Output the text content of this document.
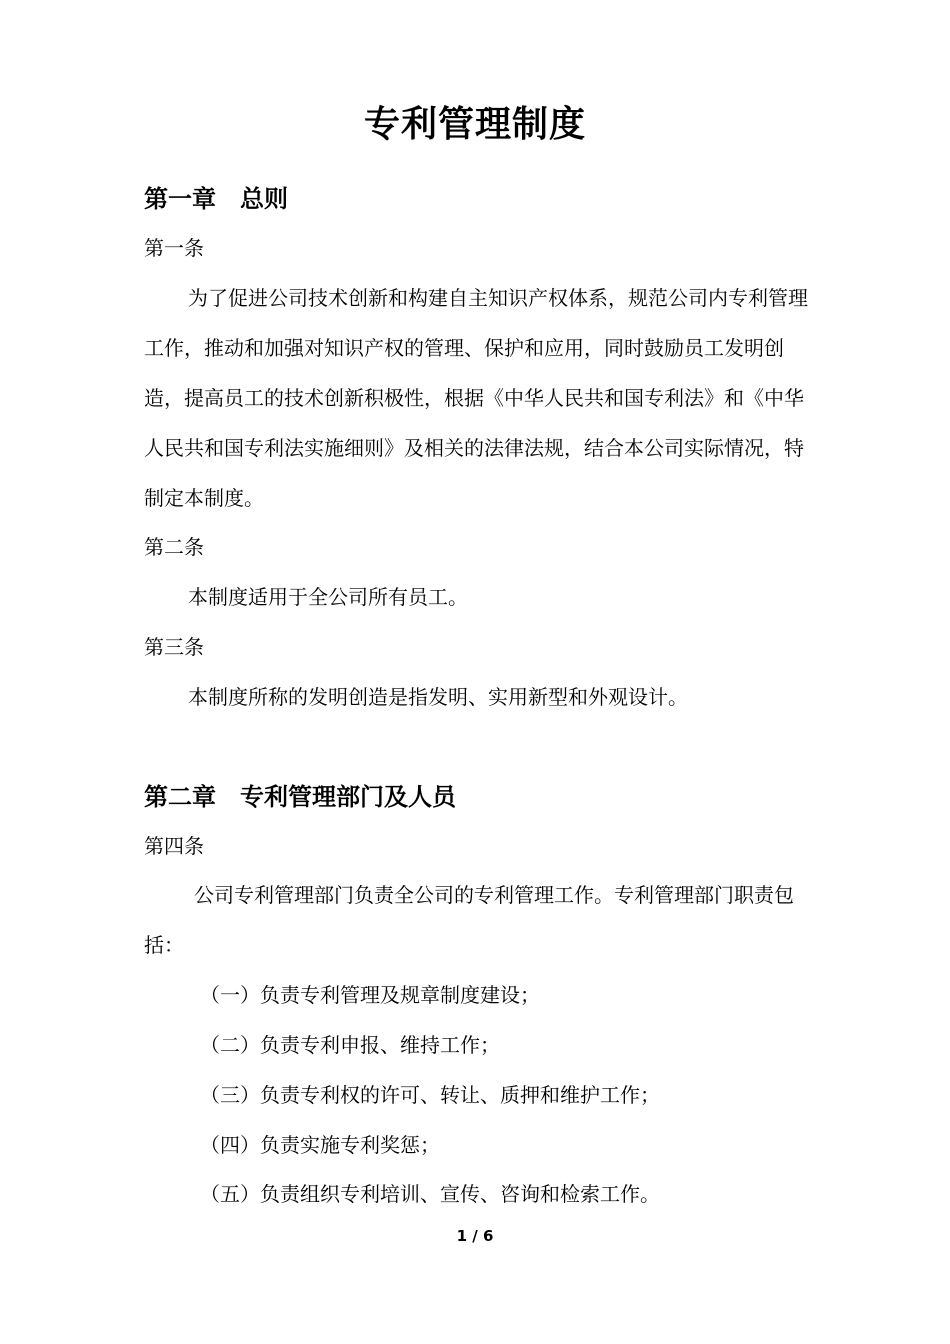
专利管理制度
第一章　总则
第一条
为了促进公司技术创新和构建自主知识产权体系，规范公司内专利管理工作，推动和加强对知识产权的管理、保护和应用，同时鼓励员工发明创造，提高员工的技术创新积极性，根据《中华人民共和国专利法》和《中华人民共和国专利法实施细则》及相关的法律法规，结合本公司实际情况，特制定本制度。
第二条
本制度适用于全公司所有员工。
第三条
本制度所称的发明创造是指发明、实用新型和外观设计。
第二章　专利管理部门及人员
第四条
公司专利管理部门负责全公司的专利管理工作。专利管理部门职责包括：
（一）负责专利管理及规章制度建设；
（二）负责专利申报、维持工作；
（三）负责专利权的许可、转让、质押和维护工作；
（四）负责实施专利奖惩；
（五）负责组织专利培训、宣传、咨询和检索工作。
1 / 6
